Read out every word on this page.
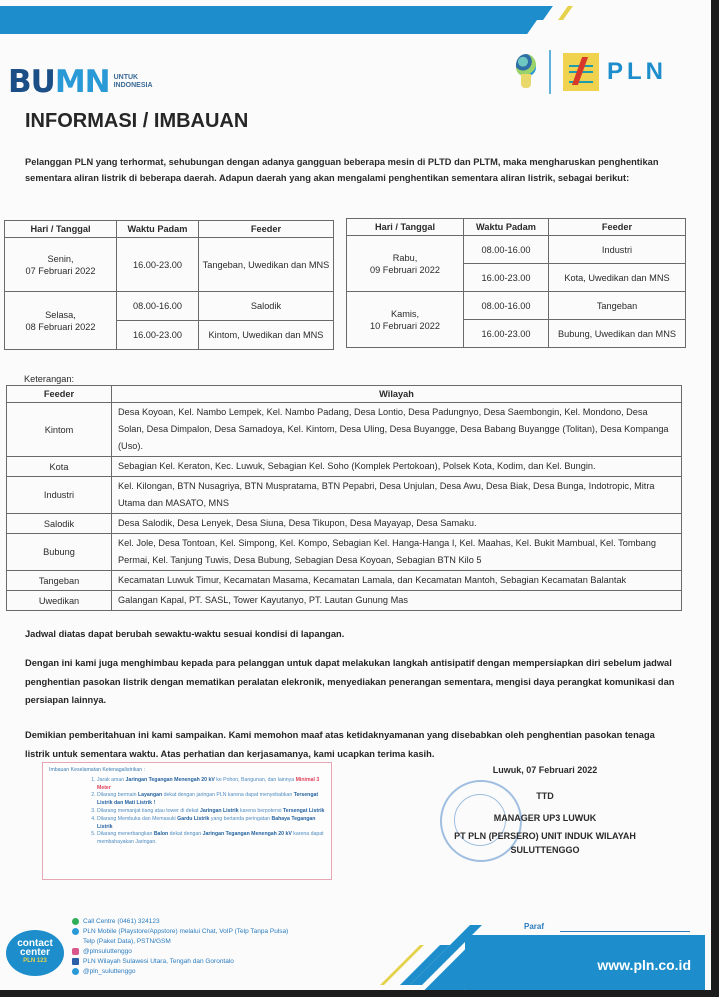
BUMN UNTUK
INDONESIA
PLN
INFORMASI / IMBAUAN
Pelanggan PLN yang terhormat, sehubungan dengan adanya gangguan beberapa mesin di PLTD dan PLTM, maka mengharuskan penghentikan sementara aliran listrik di beberapa daerah. Adapun daerah yang akan mengalami penghentikan sementara aliran listrik, sebagai berikut:
Hari / Tanggal	Waktu Padam	Feeder

Senin,
07 Februari 2022	16.00-23.00	Tangeban, Uwedikan dan MNS

Selasa,
08 Februari 2022	08.00-16.00	Salodik
	16.00-23.00	Kintom, Uwedikan dan MNS
Hari / Tanggal	Waktu Padam	Feeder

Rabu,
09 Februari 2022	08.00-16.00	Industri
	16.00-23.00	Kota, Uwedikan dan MNS

Kamis,
10 Februari 2022	08.00-16.00	Tangeban
	16.00-23.00	Bubung, Uwedikan dan MNS
Keterangan:
Feeder	Wilayah
Kintom	Desa Koyoan, Kel. Nambo Lempek, Kel. Nambo Padang, Desa Lontio, Desa Padungnyo, Desa Saembongin, Kel. Mondono, Desa Solan, Desa Dimpalon, Desa Samadoya, Kel. Kintom, Desa Uling, Desa Buyangge, Desa Babang Buyangge (Tolitan), Desa Kompanga (Uso).
Kota	Sebagian Kel. Keraton, Kec. Luwuk, Sebagian Kel. Soho (Komplek Pertokoan), Polsek Kota, Kodim, dan Kel. Bungin.
Industri	Kel. Kilongan, BTN Nusagriya, BTN Muspratama, BTN Pepabri, Desa Unjulan, Desa Awu, Desa Biak, Desa Bunga, Indotropic, Mitra Utama dan MASATO, MNS
Salodik	Desa Salodik, Desa Lenyek, Desa Siuna, Desa Tikupon, Desa Mayayap, Desa Samaku.
Bubung	Kel. Jole, Desa Tontoan, Kel. Simpong, Kel. Kompo, Sebagian Kel. Hanga-Hanga I, Kel. Maahas, Kel. Bukit Mambual, Kel. Tombang Permai, Kel. Tanjung Tuwis, Desa Bubung, Sebagian Desa Koyoan, Sebagian BTN Kilo 5
Tangeban	Kecamatan Luwuk Timur, Kecamatan Masama, Kecamatan Lamala, dan Kecamatan Mantoh, Sebagian Kecamatan Balantak
Uwedikan	Galangan Kapal, PT. SASL, Tower Kayutanyo, PT. Lautan Gunung Mas
Jadwal diatas dapat berubah sewaktu-waktu sesuai kondisi di lapangan.
Dengan ini kami juga menghimbau kepada para pelanggan untuk dapat melakukan langkah antisipatif dengan mempersiapkan diri sebelum jadwal penghentian pasokan listrik dengan mematikan peralatan elekronik, menyediakan penerangan sementara, mengisi daya perangkat komunikasi dan persiapan lainnya.
Demikian pemberitahuan ini kami sampaikan. Kami memohon maaf atas ketidaknyamanan yang disebabkan oleh penghentian pasokan tenaga listrik untuk sementara waktu. Atas perhatian dan kerjasamanya, kami ucapkan terima kasih.
Imbauan Keselamatan Ketenagalistrikan :
1. Jarak aman Jaringan Tegangan Menengah 20 kV ke Pohon, Bangunan, dan lainnya Minimal 3 Meter
2. Dilarang bermain Layangan dekat dengan jaringan PLN karena dapat menyebabkan Tersengat Listrik dan Mati Listrik !
3. Dilarang memanjat tiang atau tower di dekat Jaringan Listrik karena berpotensi Tersengat Listrik
4. Dilarang Membuka dan Memasuki Gardu Listrik yang bertanda peringatan Bahaya Tegangan Listrik
5. Dilarang menerbangkan Balon dekat dengan Jaringan Tegangan Menengah 20 kV karena dapat membahayakan Jaringan.
Luwuk, 07 Februari 2022
TTD
MANAGER UP3 LUWUK
PT PLN (PERSERO) UNIT INDUK WILAYAH
SULUTTENGGO
contact
center
PLN 123
Call Centre (0461) 324123
PLN Mobile (Playstore/Appstore) melalui Chat, VoIP (Telp Tanpa Pulsa)
Telp (Paket Data), PSTN/GSM
@plnsuluttenggo
PLN Wilayah Sulawesi Utara, Tengah dan Gorontalo
@pln_suluttenggo
Paraf
www.pln.co.id
